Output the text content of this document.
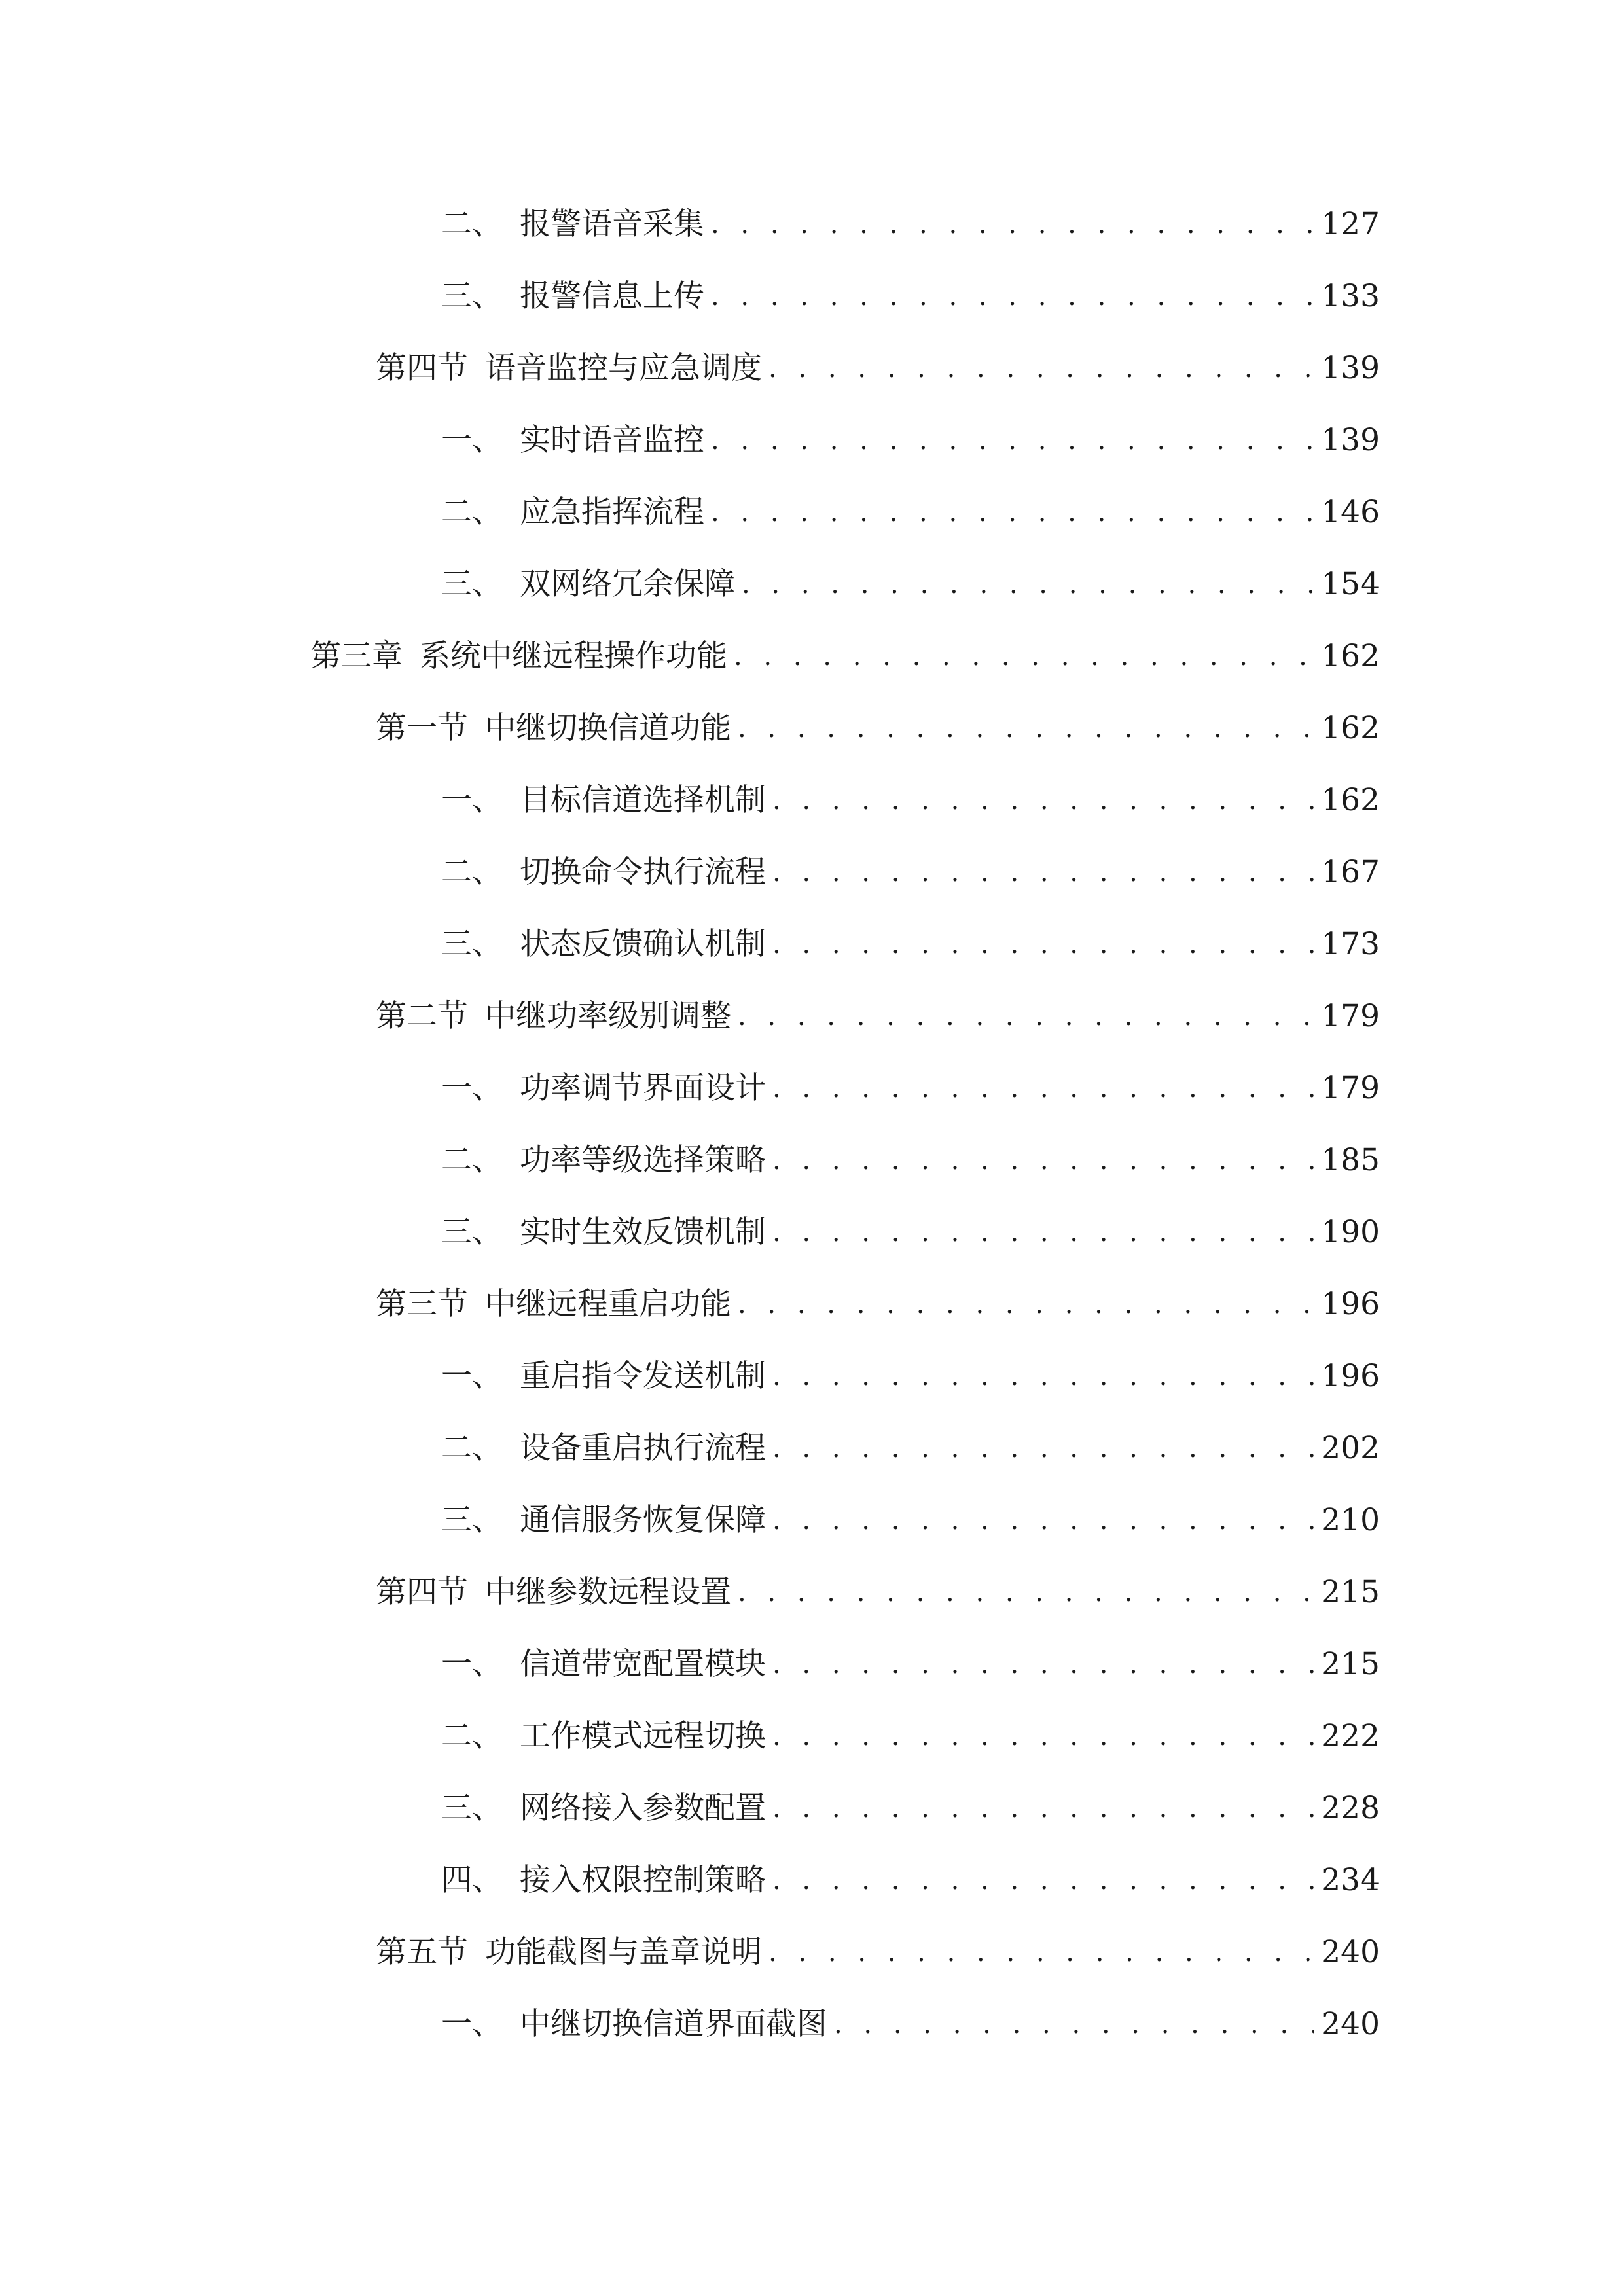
二、 报警语音采集 . . .	127
三、 报警信息上传 . . .	133
第四节 语音监控与应急调度 . . .	139
一、 实时语音监控 . . .	139
二、 应急指挥流程 . . .	146
三、 双网络冗余保障 . . .	154
第三章 系统中继远程操作功能 . . .	162
第一节 中继切换信道功能 . . .	162
一、 目标信道选择机制 . . .	162
二、 切换命令执行流程 . . .	167
三、 状态反馈确认机制 . . .	173
第二节 中继功率级别调整 . . .	179
一、 功率调节界面设计 . . .	179
二、 功率等级选择策略 . . .	185
三、 实时生效反馈机制 . . .	190
第三节 中继远程重启功能 . . .	196
一、 重启指令发送机制 . . .	196
二、 设备重启执行流程 . . .	202
三、 通信服务恢复保障 . . .	210
第四节 中继参数远程设置 . . .	215
一、 信道带宽配置模块 . . .	215
二、 工作模式远程切换 . . .	222
三、 网络接入参数配置 . . .	228
四、 接入权限控制策略 . . .	234
第五节 功能截图与盖章说明 . . .	240
一、 中继切换信道界面截图 . . .	240
